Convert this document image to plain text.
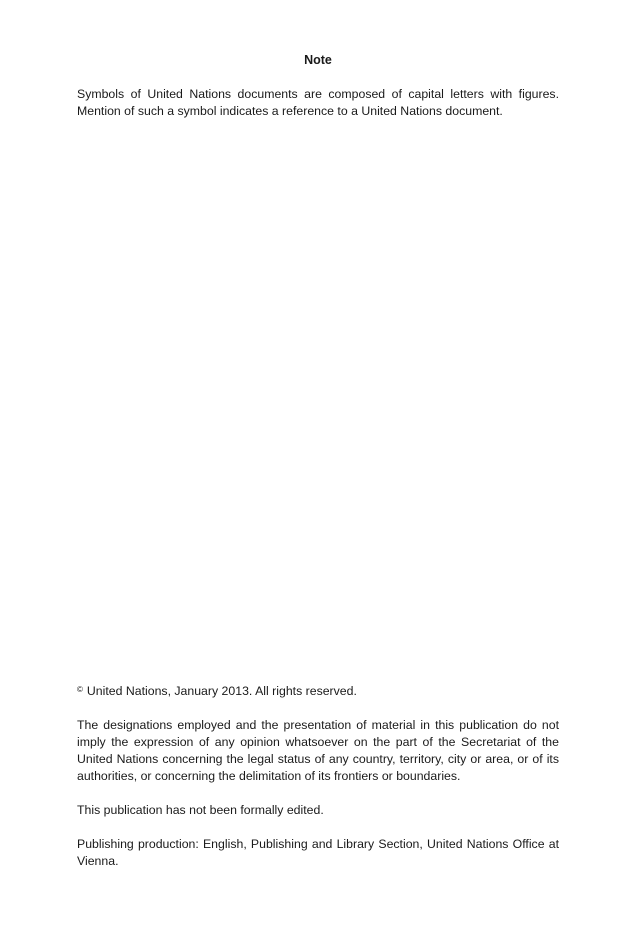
Note

Symbols of United Nations documents are composed of capital letters with figures. Mention of such a symbol indicates a reference to a United Nations document.

© United Nations, January 2013. All rights reserved.

The designations employed and the presentation of material in this publication do not imply the expression of any opinion whatsoever on the part of the Secretariat of the United Nations concerning the legal status of any country, territory, city or area, or of its authorities, or concerning the delimitation of its frontiers or boundaries.

This publication has not been formally edited.

Publishing production: English, Publishing and Library Section, United Nations Office at Vienna.
